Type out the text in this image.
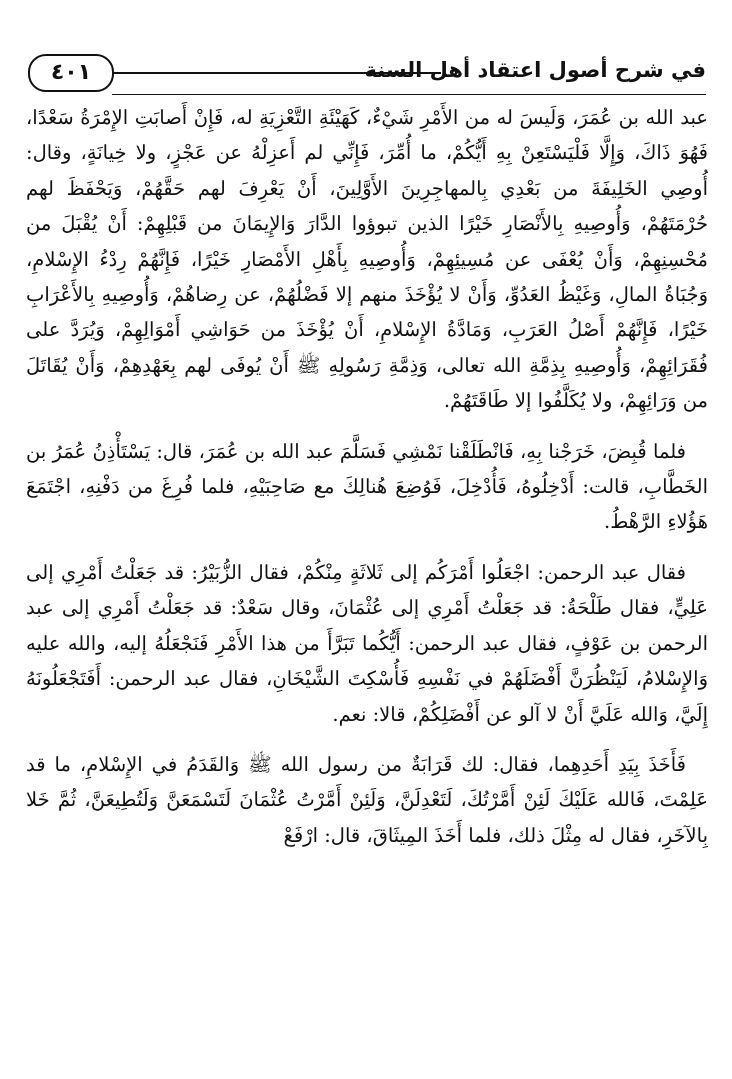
٤٠١	في شرح أصول اعتقاد أهل السنة

عبد الله بن عُمَرَ، وَلَيسَ له من الأَمْرِ شَيْءٌ، كَهَيْئَةِ التَّعْزِيَةِ له، فَإِنْ أَصابَتِ الإِمْرَةُ سَعْدًا، فَهُوَ ذَاكَ، وَإِلَّا فَلْيَسْتَعِنْ بِهِ أَيُّكُمْ، ما أُمِّرَ، فَإِنِّي لم أَعزِلْهُ عن عَجْزٍ، ولا خِيانَةٍ، وقال: أُوصِي الخَلِيفَةَ من بَعْدِي بِالمهاجِرِينَ الأَوَّلِينَ، أَنْ يَعْرِفَ لهم حَقَّهُمْ، وَيَحْفَظَ لهم حُرْمَتَهُمْ، وَأُوصِيهِ بِالأَنْصَارِ خَيْرًا الذين تبوؤوا الدَّارَ وَالإِيمَانَ من قَبْلِهِمْ: أَنْ يُقْبَلَ من مُحْسِنِهِمْ، وَأَنْ يُعْفَى عن مُسِيئِهِمْ، وَأُوصِيهِ بِأَهْلِ الأَمْصَارِ خَيْرًا، فَإِنَّهُمْ رِدْءُ الإِسْلامِ، وَجُبَاةُ المالِ، وَغَيْظُ العَدُوِّ، وَأَنْ لا يُؤْخَذَ منهم إلا فَضْلُهُمْ، عن رِضاهُمْ، وَأُوصِيهِ بِالأَعْرَابِ خَيْرًا، فَإِنَّهُمْ أَصْلُ العَرَبِ، وَمَادَّةُ الإِسْلامِ، أَنْ يُؤْخَذَ من حَوَاشِي أَمْوَالِهِمْ، وَيُرَدَّ على فُقَرَائِهِمْ، وَأُوصِيهِ بِذِمَّةِ الله تعالى، وَذِمَّةِ رَسُولِهِ ﷺ أَنْ يُوفَى لهم بِعَهْدِهِمْ، وَأَنْ يُقَاتَلَ من وَرَائِهِمْ، ولا يُكَلَّفُوا إلا طَاقَتَهُمْ.

فلما قُبِضَ، خَرَجْنا بِهِ، فَانْطَلَقْنا نَمْشِي فَسَلَّمَ عبد الله بن عُمَرَ، قال: يَسْتَأْذِنُ عُمَرُ بن الخَطَّابِ، قالت: أَدْخِلُوهُ، فَأُدْخِلَ، فَوُضِعَ هُنالِكَ مع صَاحِبَيْهِ، فلما فُرِغَ من دَفْنِهِ، اجْتَمَعَ هَؤُلاءِ الرَّهْطُ.

فقال عبد الرحمن: اجْعَلُوا أَمْرَكُم إلى ثَلاثَةٍ مِنْكُمْ، فقال الزُّبَيْرُ: قد جَعَلْتُ أَمْرِي إلى عَلِيٍّ، فقال طَلْحَةُ: قد جَعَلْتُ أَمْرِي إلى عُثْمَانَ، وقال سَعْدٌ: قد جَعَلْتُ أَمْرِي إلى عبد الرحمن بن عَوْفٍ، فقال عبد الرحمن: أَيُّكُما تَبَرَّأَ من هذا الأَمْرِ فَنَجْعَلُهُ إليه، والله عليه وَالإِسْلامُ، لَيَنْظُرَنَّ أَفْضَلَهُمْ في نَفْسِهِ فَأُسْكِتَ الشَّيْخَانِ، فقال عبد الرحمن: أَفَتَجْعَلُونَهُ إِلَيَّ، وَالله عَلَيَّ أَنْ لا آلو عن أَفْضَلِكُمْ، قالا: نعم.

فَأَخَذَ بِيَدِ أَحَدِهِما، فقال: لك قَرَابَةٌ من رسول الله ﷺ وَالقَدَمُ في الإِسْلامِ، ما قد عَلِمْتَ، فَالله عَلَيْكَ لَئِنْ أَمَّرْتُكَ، لَتَعْدِلَنَّ، وَلَئِنْ أَمَّرْتُ عُثْمَانَ لَتَسْمَعَنَّ وَلَتُطِيعَنَّ، ثُمَّ خَلا بِالآخَرِ، فقال له مِثْلَ ذلك، فلما أَخَذَ المِيثَاقَ، قال: ارْفَعْ
